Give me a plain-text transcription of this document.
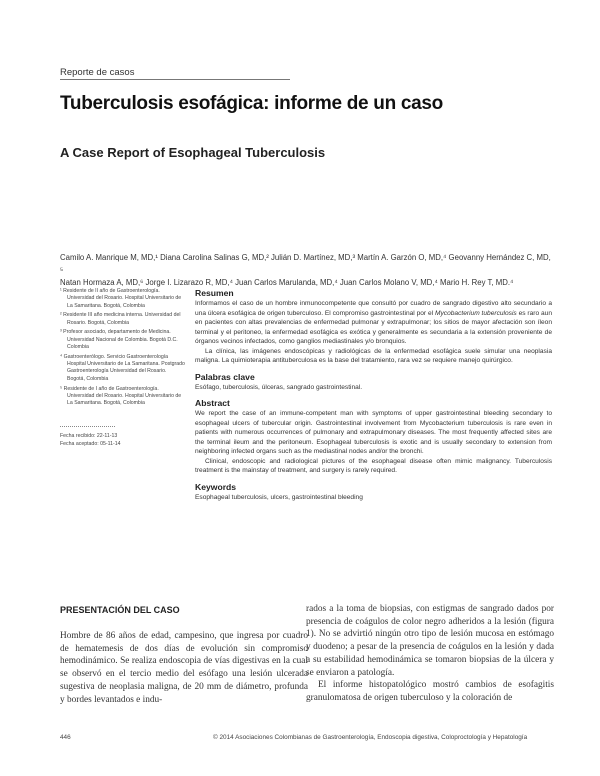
Reporte de casos
Tuberculosis esofágica: informe de un caso
A Case Report of Esophageal Tuberculosis
Camilo A. Manrique M, MD,¹ Diana Carolina Salinas G, MD,² Julián D. Martínez, MD,³ Martín A. Garzón O, MD,⁴ Geovanny Hernández C, MD, ⁵
Natan Hormaza A, MD,⁶ Jorge I. Lizarazo R, MD,⁴ Juan Carlos Marulanda, MD,⁴ Juan Carlos Molano V, MD,⁴ Mario H. Rey T, MD.⁴

¹ Residente de II año de Gastroenterología. Universidad del Rosario. Hospital Universitario de La Samaritana. Bogotá, Colombia

² Residente III año medicina interna. Universidad del Rosario. Bogotá, Colombia

³ Profesor asociado, departamento de Medicina. Universidad Nacional de Colombia. Bogotá D.C. Colombia

⁴ Gastroenterólogo. Servicio Gastroenterología Hospital Universitario de La Samaritana. Postgrado Gastroenterología Universidad del Rosario. Bogotá, Colombia

⁵ Residente de I año de Gastroenterología. Universidad del Rosario. Hospital Universitario de La Samaritana. Bogotá, Colombia

Fecha recibido: 22-11-13
Fecha aceptado: 05-11-14
Resumen

Informamos el caso de un hombre inmunocompetente que consultó por cuadro de sangrado digestivo alto secundario a una úlcera esofágica de origen tuberculoso. El compromiso gastrointestinal por el Mycobacterium tuberculosis es raro aun en pacientes con altas prevalencias de enfermedad pulmonar y extrapulmonar; los sitios de mayor afectación son íleon terminal y el peritoneo, la enfermedad esofágica es exótica y generalmente es secundaria a la extensión proveniente de órganos vecinos infectados, como ganglios mediastinales y/o bronquios.

La clínica, las imágenes endoscópicas y radiológicas de la enfermedad esofágica suele simular una neoplasia maligna. La quimioterapia antituberculosa es la base del tratamiento, rara vez se requiere manejo quirúrgico.

Palabras clave

Esófago, tuberculosis, úlceras, sangrado gastrointestinal.

Abstract

We report the case of an immune-competent man with symptoms of upper gastrointestinal bleeding secondary to esophageal ulcers of tubercular origin. Gastrointestinal involvement from Mycobacterium tuberculosis is rare even in patients with numerous occurrences of pulmonary and extrapulmonary diseases. The most frequently affected sites are the terminal ileum and the peritoneum. Esophageal tuberculosis is exotic and is usually secondary to extension from neighboring infected organs such as the mediastinal nodes and/or the bronchi.

Clinical, endoscopic and radiological pictures of the esophageal disease often mimic malignancy. Tuberculosis treatment is the mainstay of treatment, and surgery is rarely required.

Keywords

Esophageal tuberculosis, ulcers, gastrointestinal bleeding

PRESENTACIÓN DEL CASO

Hombre de 86 años de edad, campesino, que ingresa por cuadro de hematemesis de dos días de evolución sin compromiso hemodinámico. Se realiza endoscopia de vías digestivas en la cual se observó en el tercio medio del esófago una lesión ulcerada sugestiva de neoplasia maligna, de 20 mm de diámetro, profunda y bordes levantados e indu-

rados a la toma de biopsias, con estigmas de sangrado dados por presencia de coágulos de color negro adheridos a la lesión (figura 1). No se advirtió ningún otro tipo de lesión mucosa en estómago y duodeno; a pesar de la presencia de coágulos en la lesión y dada a su estabilidad hemodinámica se tomaron biopsias de la úlcera y se enviaron a patología.

El informe histopatológico mostró cambios de esofagitis granulomatosa de origen tuberculoso y la coloración de

446	© 2014 Asociaciones Colombianas de Gastroenterología, Endoscopia digestiva, Coloproctología y Hepatología
